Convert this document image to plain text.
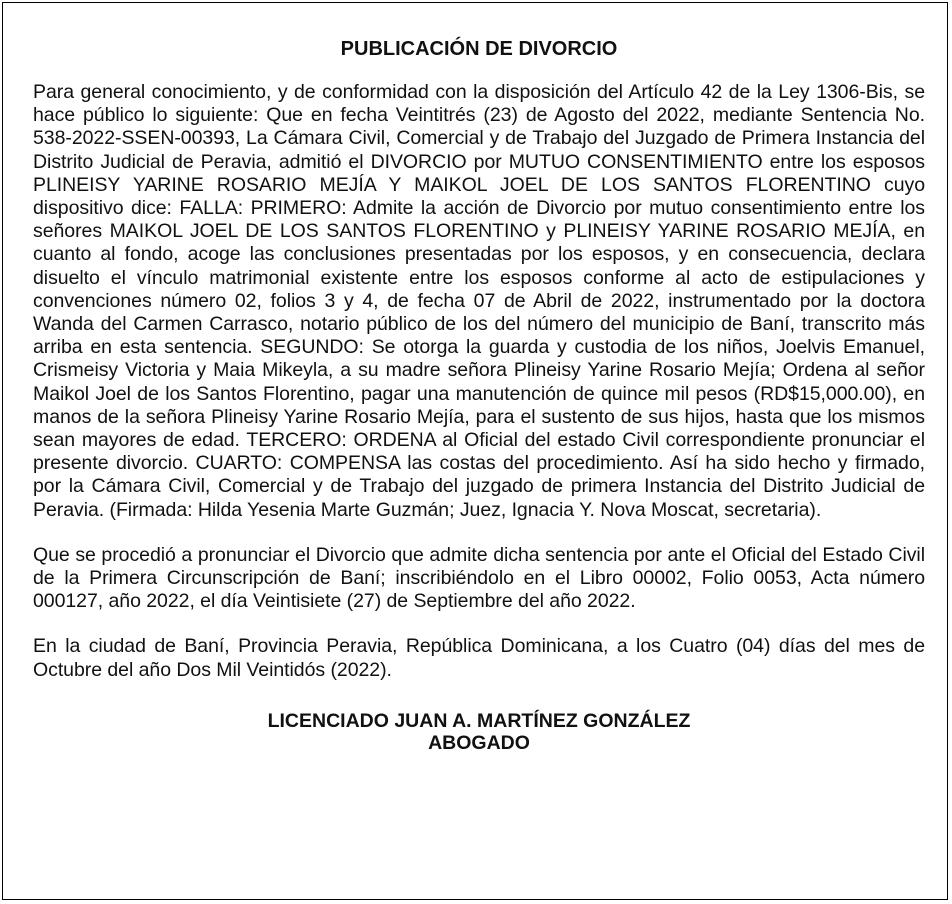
PUBLICACIÓN DE DIVORCIO

Para general conocimiento, y de conformidad con la disposición del Artículo 42 de la Ley 1306-Bis, se hace público lo siguiente: Que en fecha Veintitrés (23) de Agosto del 2022, mediante Sentencia No. 538-2022-SSEN-00393, La Cámara Civil, Comercial y de Trabajo del Juzgado de Primera Instancia del Distrito Judicial de Peravia, admitió el DIVORCIO por MUTUO CONSENTIMIENTO entre los esposos PLINEISY YARINE ROSARIO MEJÍA Y MAIKOL JOEL DE LOS SANTOS FLORENTINO cuyo dispositivo dice: FALLA: PRIMERO: Admite la acción de Divorcio por mutuo consentimiento entre los señores MAIKOL JOEL DE LOS SANTOS FLORENTINO y PLINEISY YARINE ROSARIO MEJÍA, en cuanto al fondo, acoge las conclusiones presentadas por los esposos, y en consecuencia, declara disuelto el vínculo matrimonial existente entre los esposos conforme al acto de estipulaciones y convenciones número 02, folios 3 y 4, de fecha 07 de Abril de 2022, instrumentado por la doctora Wanda del Carmen Carrasco, notario público de los del número del municipio de Baní, transcrito más arriba en esta sentencia. SEGUNDO: Se otorga la guarda y custodia de los niños, Joelvis Emanuel, Crismeisy Victoria y Maia Mikeyla, a su madre señora Plineisy Yarine Rosario Mejía; Ordena al señor Maikol Joel de los Santos Florentino, pagar una manutención de quince mil pesos (RD$15,000.00), en manos de la señora Plineisy Yarine Rosario Mejía, para el sustento de sus hijos, hasta que los mismos sean mayores de edad. TERCERO: ORDENA al Oficial del estado Civil correspondiente pronunciar el presente divorcio. CUARTO: COMPENSA las costas del procedimiento. Así ha sido hecho y firmado, por la Cámara Civil, Comercial y de Trabajo del juzgado de primera Instancia del Distrito Judicial de Peravia. (Firmada: Hilda Yesenia Marte Guzmán; Juez, Ignacia Y. Nova Moscat, secretaria).

Que se procedió a pronunciar el Divorcio que admite dicha sentencia por ante el Oficial del Estado Civil de la Primera Circunscripción de Baní; inscribiéndolo en el Libro 00002, Folio 0053, Acta número 000127, año 2022, el día Veintisiete (27) de Septiembre del año 2022.

En la ciudad de Baní, Provincia Peravia, República Dominicana, a los Cuatro (04) días del mes de Octubre del año Dos Mil Veintidós (2022).

LICENCIADO JUAN A. MARTÍNEZ GONZÁLEZ
ABOGADO
